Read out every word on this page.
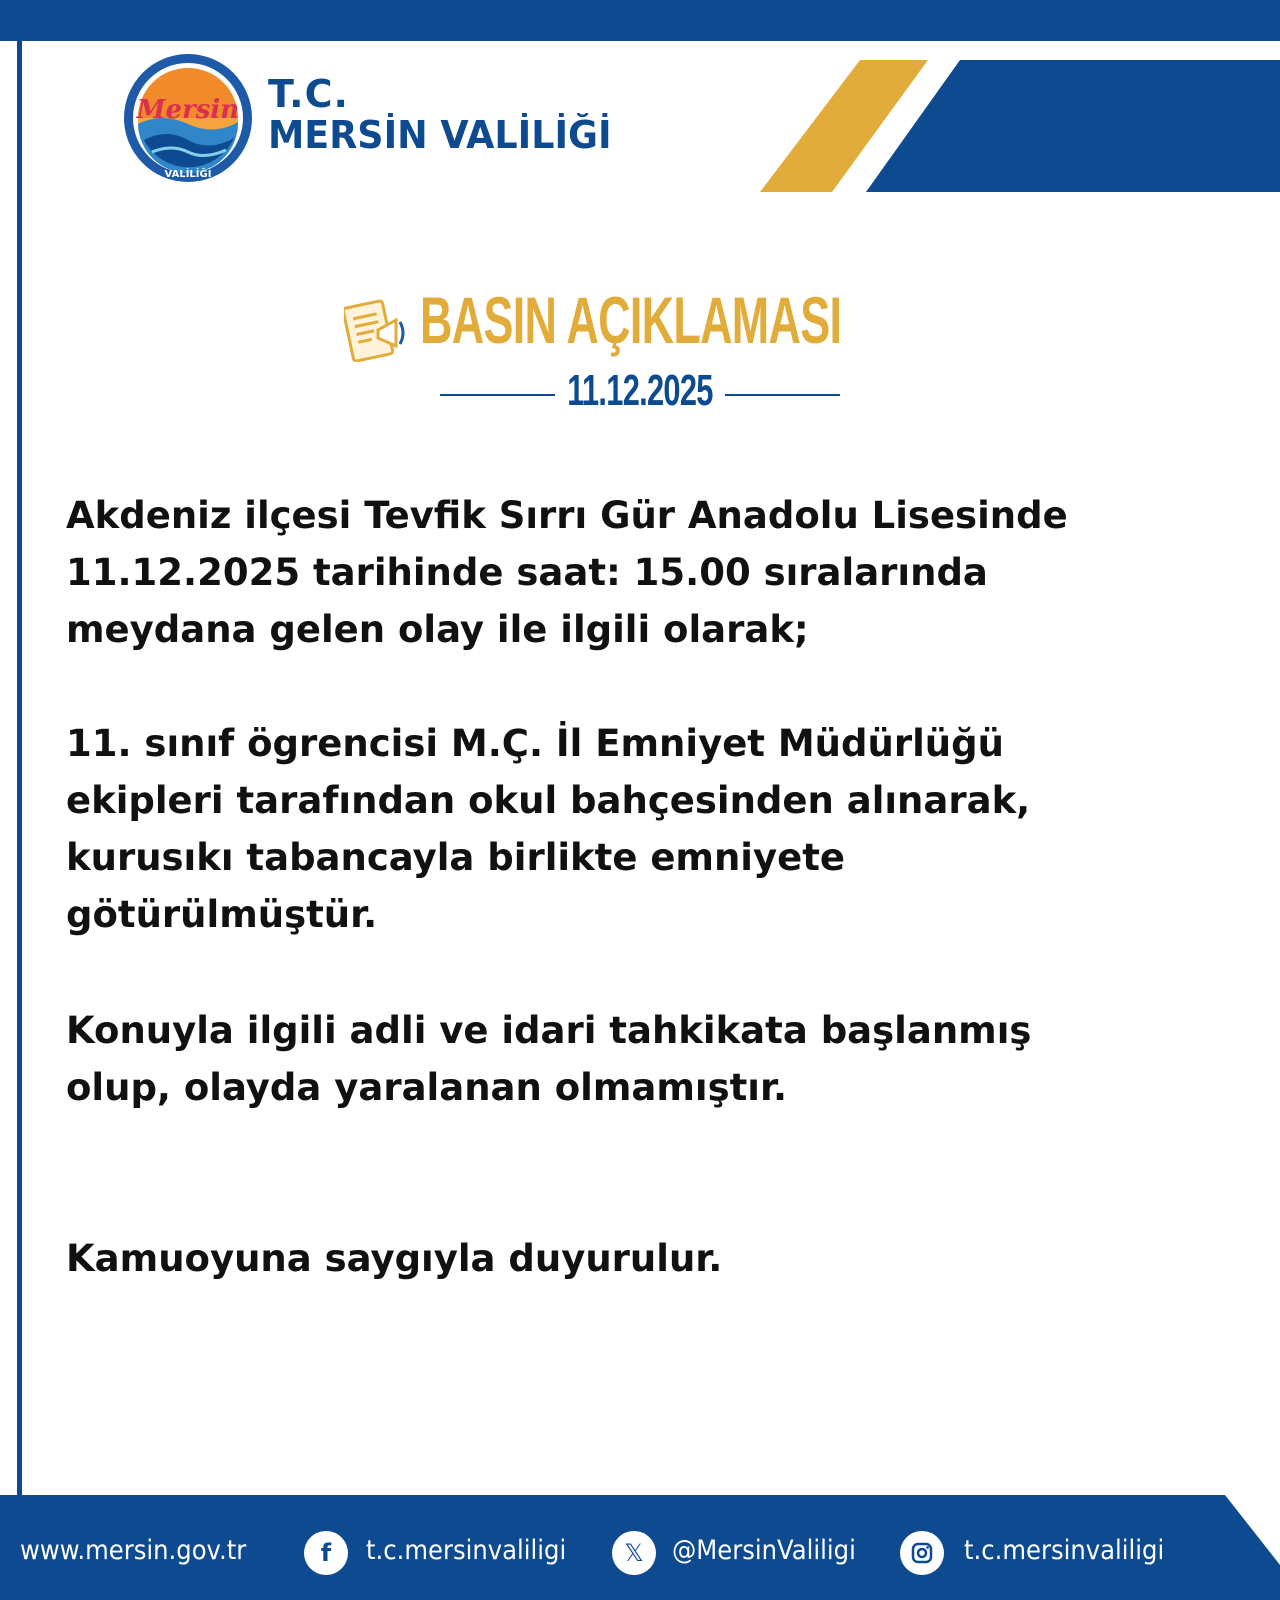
Mersin
VALİLİĞİ
T.C.
MERSİN VALİLİĞİ
BASIN AÇIKLAMASI
11.12.2025
Akdeniz ilçesi Tevfik Sırrı Gür Anadolu Lisesinde
11.12.2025 tarihinde saat: 15.00 sıralarında
meydana gelen olay ile ilgili olarak;
11. sınıf ögrencisi M.Ç. İl Emniyet Müdürlüğü
ekipleri tarafından okul bahçesinden alınarak,
kurusıkı tabancayla birlikte emniyete
götürülmüştür.
Konuyla ilgili adli ve idari tahkikata başlanmış
olup, olayda yaralanan olmamıştır.
Kamuoyuna saygıyla duyurulur.
www.mersin.gov.tr	f	t.c.mersinvaliligi	𝕏	@MersinValiligi	t.c.mersinvaliligi
